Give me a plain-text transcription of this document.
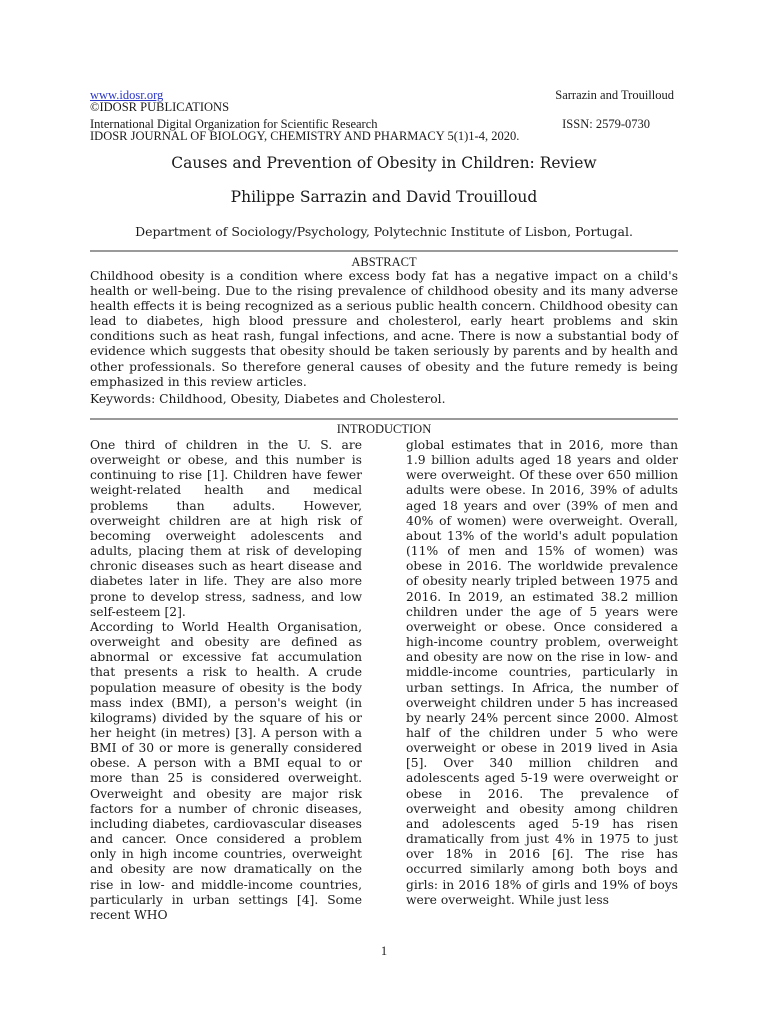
www.idosr.org	Sarrazin and Trouilloud
©IDOSR PUBLICATIONS
International Digital Organization for Scientific Research	ISSN: 2579-0730
IDOSR JOURNAL OF BIOLOGY, CHEMISTRY AND PHARMACY 5(1)1-4, 2020.
Causes and Prevention of Obesity in Children: Review
Philippe Sarrazin and David Trouilloud
Department of Sociology/Psychology, Polytechnic Institute of Lisbon, Portugal.
ABSTRACT
Childhood obesity is a condition where excess body fat has a negative impact on a child's health or well-being. Due to the rising prevalence of childhood obesity and its many adverse health effects it is being recognized as a serious public health concern. Childhood obesity can lead to diabetes, high blood pressure and cholesterol, early heart problems and skin conditions such as heat rash, fungal infections, and acne. There is now a substantial body of evidence which suggests that obesity should be taken seriously by parents and by health and other professionals. So therefore general causes of obesity and the future remedy is being emphasized in this review articles.
Keywords: Childhood, Obesity, Diabetes and Cholesterol.
INTRODUCTION

One third of children in the U. S. are overweight or obese, and this number is continuing to rise [1]. Children have fewer weight-related health and medical problems than adults. However, overweight children are at high risk of becoming overweight adolescents and adults, placing them at risk of developing chronic diseases such as heart disease and diabetes later in life. They are also more prone to develop stress, sadness, and low self-esteem [2].

According to World Health Organisation, overweight and obesity are defined as abnormal or excessive fat accumulation that presents a risk to health. A crude population measure of obesity is the body mass index (BMI), a person's weight (in kilograms) divided by the square of his or her height (in metres) [3]. A person with a BMI of 30 or more is generally considered obese. A person with a BMI equal to or more than 25 is considered overweight. Overweight and obesity are major risk factors for a number of chronic diseases, including diabetes, cardiovascular diseases and cancer. Once considered a problem only in high income countries, overweight and obesity are now dramatically on the rise in low- and middle-income countries, particularly in urban settings [4]. Some recent WHO

global estimates that in 2016, more than 1.9 billion adults aged 18 years and older were overweight. Of these over 650 million adults were obese. In 2016, 39% of adults aged 18 years and over (39% of men and 40% of women) were overweight. Overall, about 13% of the world's adult population (11% of men and 15% of women) was obese in 2016. The worldwide prevalence of obesity nearly tripled between 1975 and 2016. In 2019, an estimated 38.2 million children under the age of 5 years were overweight or obese. Once considered a high-income country problem, overweight and obesity are now on the rise in low- and middle-income countries, particularly in urban settings. In Africa, the number of overweight children under 5 has increased by nearly 24% percent since 2000. Almost half of the children under 5 who were overweight or obese in 2019 lived in Asia [5]. Over 340 million children and adolescents aged 5-19 were overweight or obese in 2016. The prevalence of overweight and obesity among children and adolescents aged 5-19 has risen dramatically from just 4% in 1975 to just over 18% in 2016 [6]. The rise has occurred similarly among both boys and girls: in 2016 18% of girls and 19% of boys were overweight. While just less

1
